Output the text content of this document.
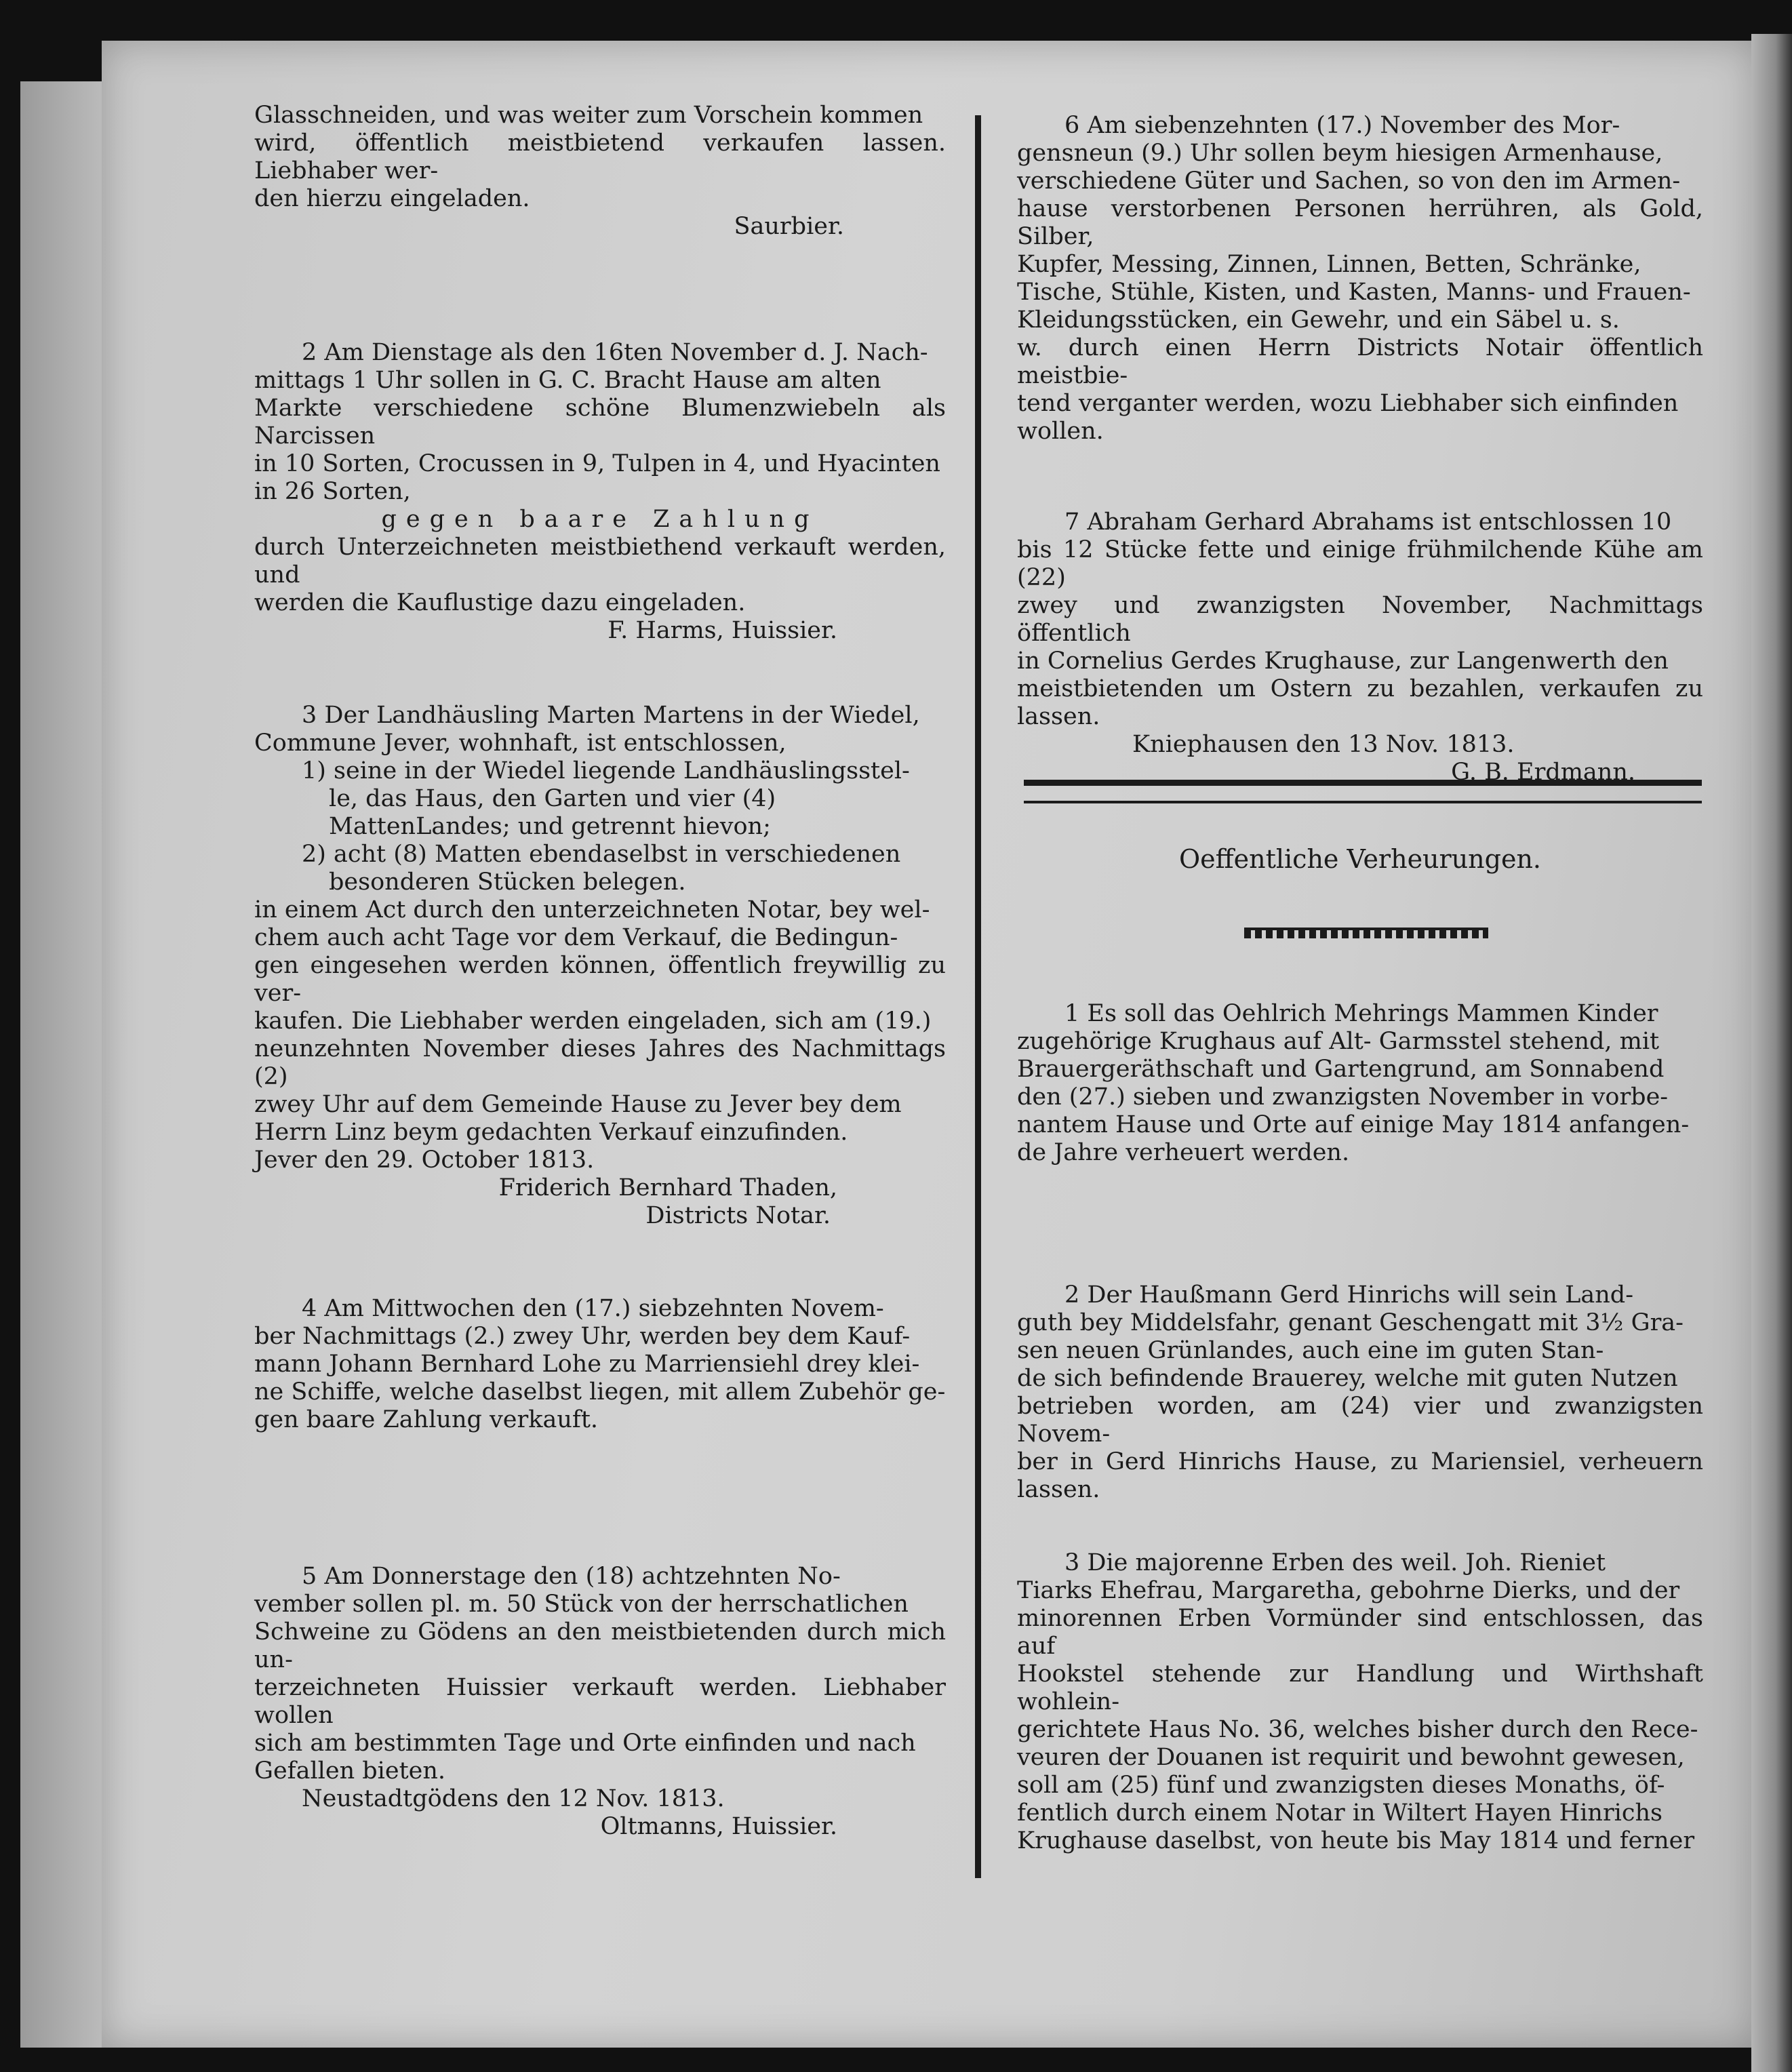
Glasschneiden, und was weiter zum Vorschein kommen

wird, öffentlich meistbietend verkaufen lassen. Liebhaber wer-

den hierzu eingeladen.

Saurbier.

2 Am Dienstage als den 16ten November d. J. Nach-

mittags 1 Uhr sollen in G. C. Bracht Hause am alten

Markte verschiedene schöne Blumenzwiebeln als Narcissen

in 10 Sorten, Crocussen in 9, Tulpen in 4, und Hyacinten

in 26 Sorten,

gegen baare Zahlung

durch Unterzeichneten meistbiethend verkauft werden, und

werden die Kauflustige dazu eingeladen.

F. Harms, Huissier.

3 Der Landhäusling Marten Martens in der Wiedel,

Commune Jever, wohnhaft, ist entschlossen,

1) seine in der Wiedel liegende Landhäuslingsstel-

le, das Haus, den Garten und vier (4)

MattenLandes; und getrennt hievon;

2) acht (8) Matten ebendaselbst in verschiedenen

besonderen Stücken belegen.

in einem Act durch den unterzeichneten Notar, bey wel-

chem auch acht Tage vor dem Verkauf, die Bedingun-

gen eingesehen werden können, öffentlich freywillig zu ver-

kaufen. Die Liebhaber werden eingeladen, sich am (19.)

neunzehnten November dieses Jahres des Nachmittags (2)

zwey Uhr auf dem Gemeinde Hause zu Jever bey dem

Herrn Linz beym gedachten Verkauf einzufinden.

Jever den 29. October 1813.

Friderich Bernhard Thaden,

Districts Notar.

4 Am Mittwochen den (17.) siebzehnten Novem-

ber Nachmittags (2.) zwey Uhr, werden bey dem Kauf-

mann Johann Bernhard Lohe zu Marriensiehl drey klei-

ne Schiffe, welche daselbst liegen, mit allem Zubehör ge-

gen baare Zahlung verkauft.

5 Am Donnerstage den (18) achtzehnten No-

vember sollen pl. m. 50 Stück von der herrschatlichen

Schweine zu Gödens an den meistbietenden durch mich un-

terzeichneten Huissier verkauft werden. Liebhaber wollen

sich am bestimmten Tage und Orte einfinden und nach

Gefallen bieten.

Neustadtgödens den 12 Nov. 1813.

Oltmanns, Huissier.

6 Am siebenzehnten (17.) November des Mor-

gensneun (9.) Uhr sollen beym hiesigen Armenhause,

verschiedene Güter und Sachen, so von den im Armen-

hause verstorbenen Personen herrühren, als Gold, Silber,

Kupfer, Messing, Zinnen, Linnen, Betten, Schränke,

Tische, Stühle, Kisten, und Kasten, Manns- und Frauen-

Kleidungsstücken, ein Gewehr, und ein Säbel u. s.

w. durch einen Herrn Districts Notair öffentlich meistbie-

tend verganter werden, wozu Liebhaber sich einfinden

wollen.

7 Abraham Gerhard Abrahams ist entschlossen 10

bis 12 Stücke fette und einige frühmilchende Kühe am (22)

zwey und zwanzigsten November, Nachmittags öffentlich

in Cornelius Gerdes Krughause, zur Langenwerth den

meistbietenden um Ostern zu bezahlen, verkaufen zu lassen.

Kniephausen den 13 Nov. 1813.

G. B. Erdmann.

Oeffentliche Verheurungen.

1 Es soll das Oehlrich Mehrings Mammen Kinder

zugehörige Krughaus auf Alt- Garmsstel stehend, mit

Brauergeräthschaft und Gartengrund, am Sonnabend

den (27.) sieben und zwanzigsten November in vorbe-

nantem Hause und Orte auf einige May 1814 anfangen-

de Jahre verheuert werden.

2 Der Haußmann Gerd Hinrichs will sein Land-

guth bey Middelsfahr, genant Geschengatt mit 3½ Gra-

sen neuen Grünlandes, auch eine im guten Stan-

de sich befindende Brauerey, welche mit guten Nutzen

betrieben worden, am (24) vier und zwanzigsten Novem-

ber in Gerd Hinrichs Hause, zu Mariensiel, verheuern lassen.

3 Die majorenne Erben des weil. Joh. Rieniet

Tiarks Ehefrau, Margaretha, gebohrne Dierks, und der

minorennen Erben Vormünder sind entschlossen, das auf

Hookstel stehende zur Handlung und Wirthshaft wohlein-

gerichtete Haus No. 36, welches bisher durch den Rece-

veuren der Douanen ist requirit und bewohnt gewesen,

soll am (25) fünf und zwanzigsten dieses Monaths, öf-

fentlich durch einem Notar in Wiltert Hayen Hinrichs

Krughause daselbst, von heute bis May 1814 und ferner
